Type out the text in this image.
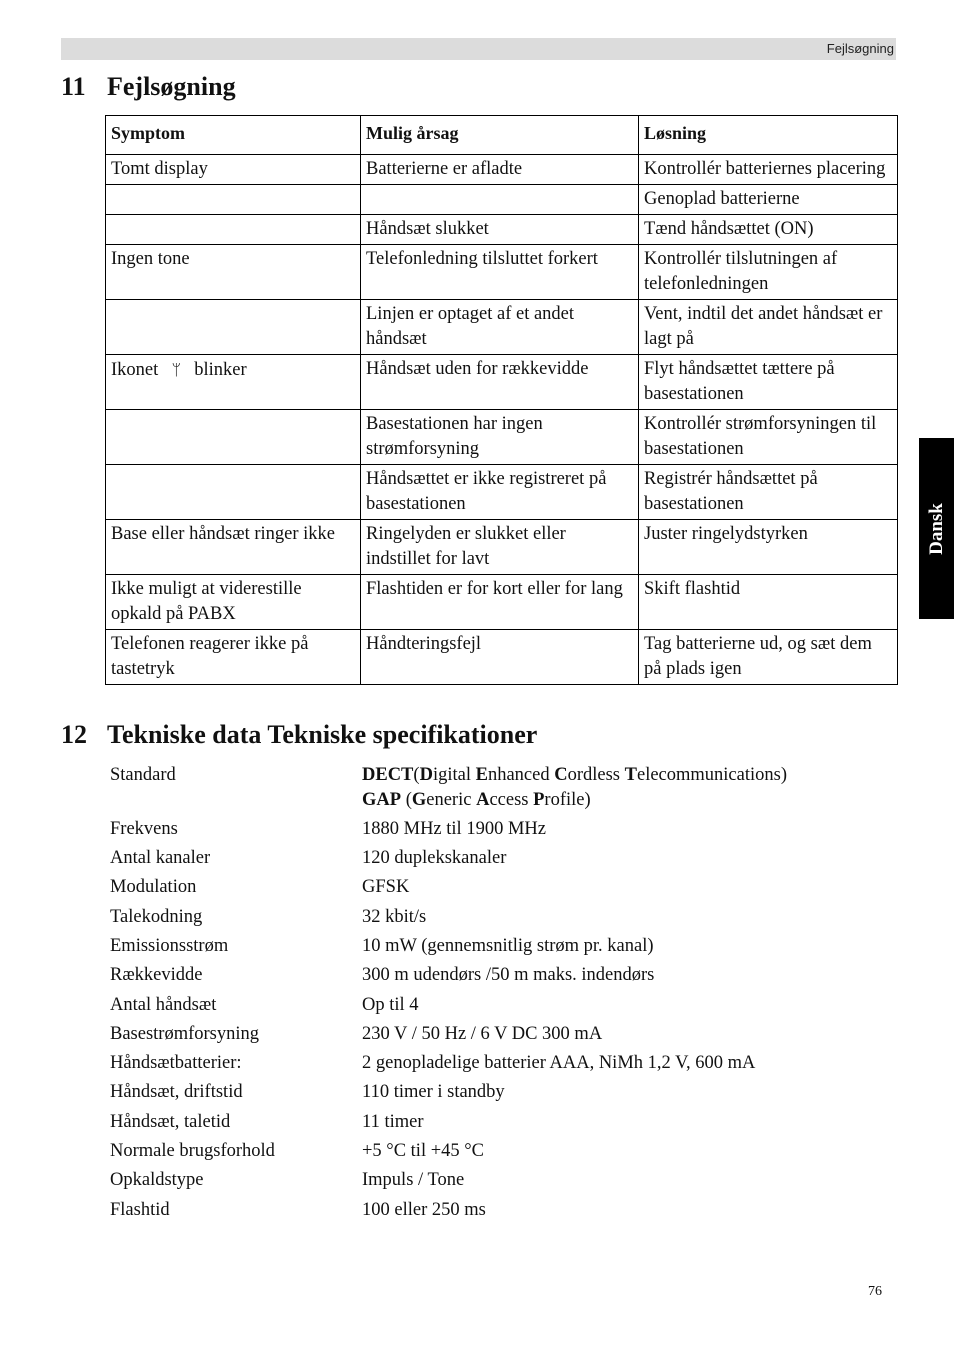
Fejlsøgning
Dansk
11 Fejlsøgning
Symptom	Mulig årsag	Løsning
Tomt display	Batterierne er afladte	Kontrollér batteriernes placering
		Genoplad batterierne
	Håndsæt slukket	Tænd håndsættet (ON)
Ingen tone	Telefonledning tilsluttet forkert	Kontrollér tilslutningen af telefonledningen
	Linjen er optaget af et andet håndsæt	Vent, indtil det andet håndsæt er lagt på
Ikonet ᛘ blinker	Håndsæt uden for rækkevidde	Flyt håndsættet tættere på basestationen
	Basestationen har ingen strømforsyning	Kontrollér strømforsyningen til basestationen
	Håndsættet er ikke registreret på basestationen	Registrér håndsættet på basestationen
Base eller håndsæt ringer ikke	Ringelyden er slukket eller indstillet for lavt	Juster ringelydstyrken
Ikke muligt at viderestille opkald på PABX	Flashtiden er for kort eller for lang	Skift flashtid
Telefonen reagerer ikke på tastetryk	Håndteringsfejl	Tag batterierne ud, og sæt dem på plads igen
12 Tekniske data Tekniske specifikationer
Standard	DECT(Digital Enhanced Cordless Telecommunications)
GAP (Generic Access Profile)
Frekvens	1880 MHz til 1900 MHz
Antal kanaler	120 duplekskanaler
Modulation	GFSK
Talekodning	32 kbit/s
Emissionsstrøm	10 mW (gennemsnitlig strøm pr. kanal)
Rækkevidde	300 m udendørs /50 m maks. indendørs
Antal håndsæt	Op til 4
Basestrømforsyning	230 V / 50 Hz / 6 V DC 300 mA
Håndsætbatterier:	2 genopladelige batterier AAA, NiMh 1,2 V, 600 mA
Håndsæt, driftstid	110 timer i standby
Håndsæt, taletid	11 timer
Normale brugsforhold	+5 °C til +45 °C
Opkaldstype	Impuls / Tone
Flashtid	100 eller 250 ms
76
